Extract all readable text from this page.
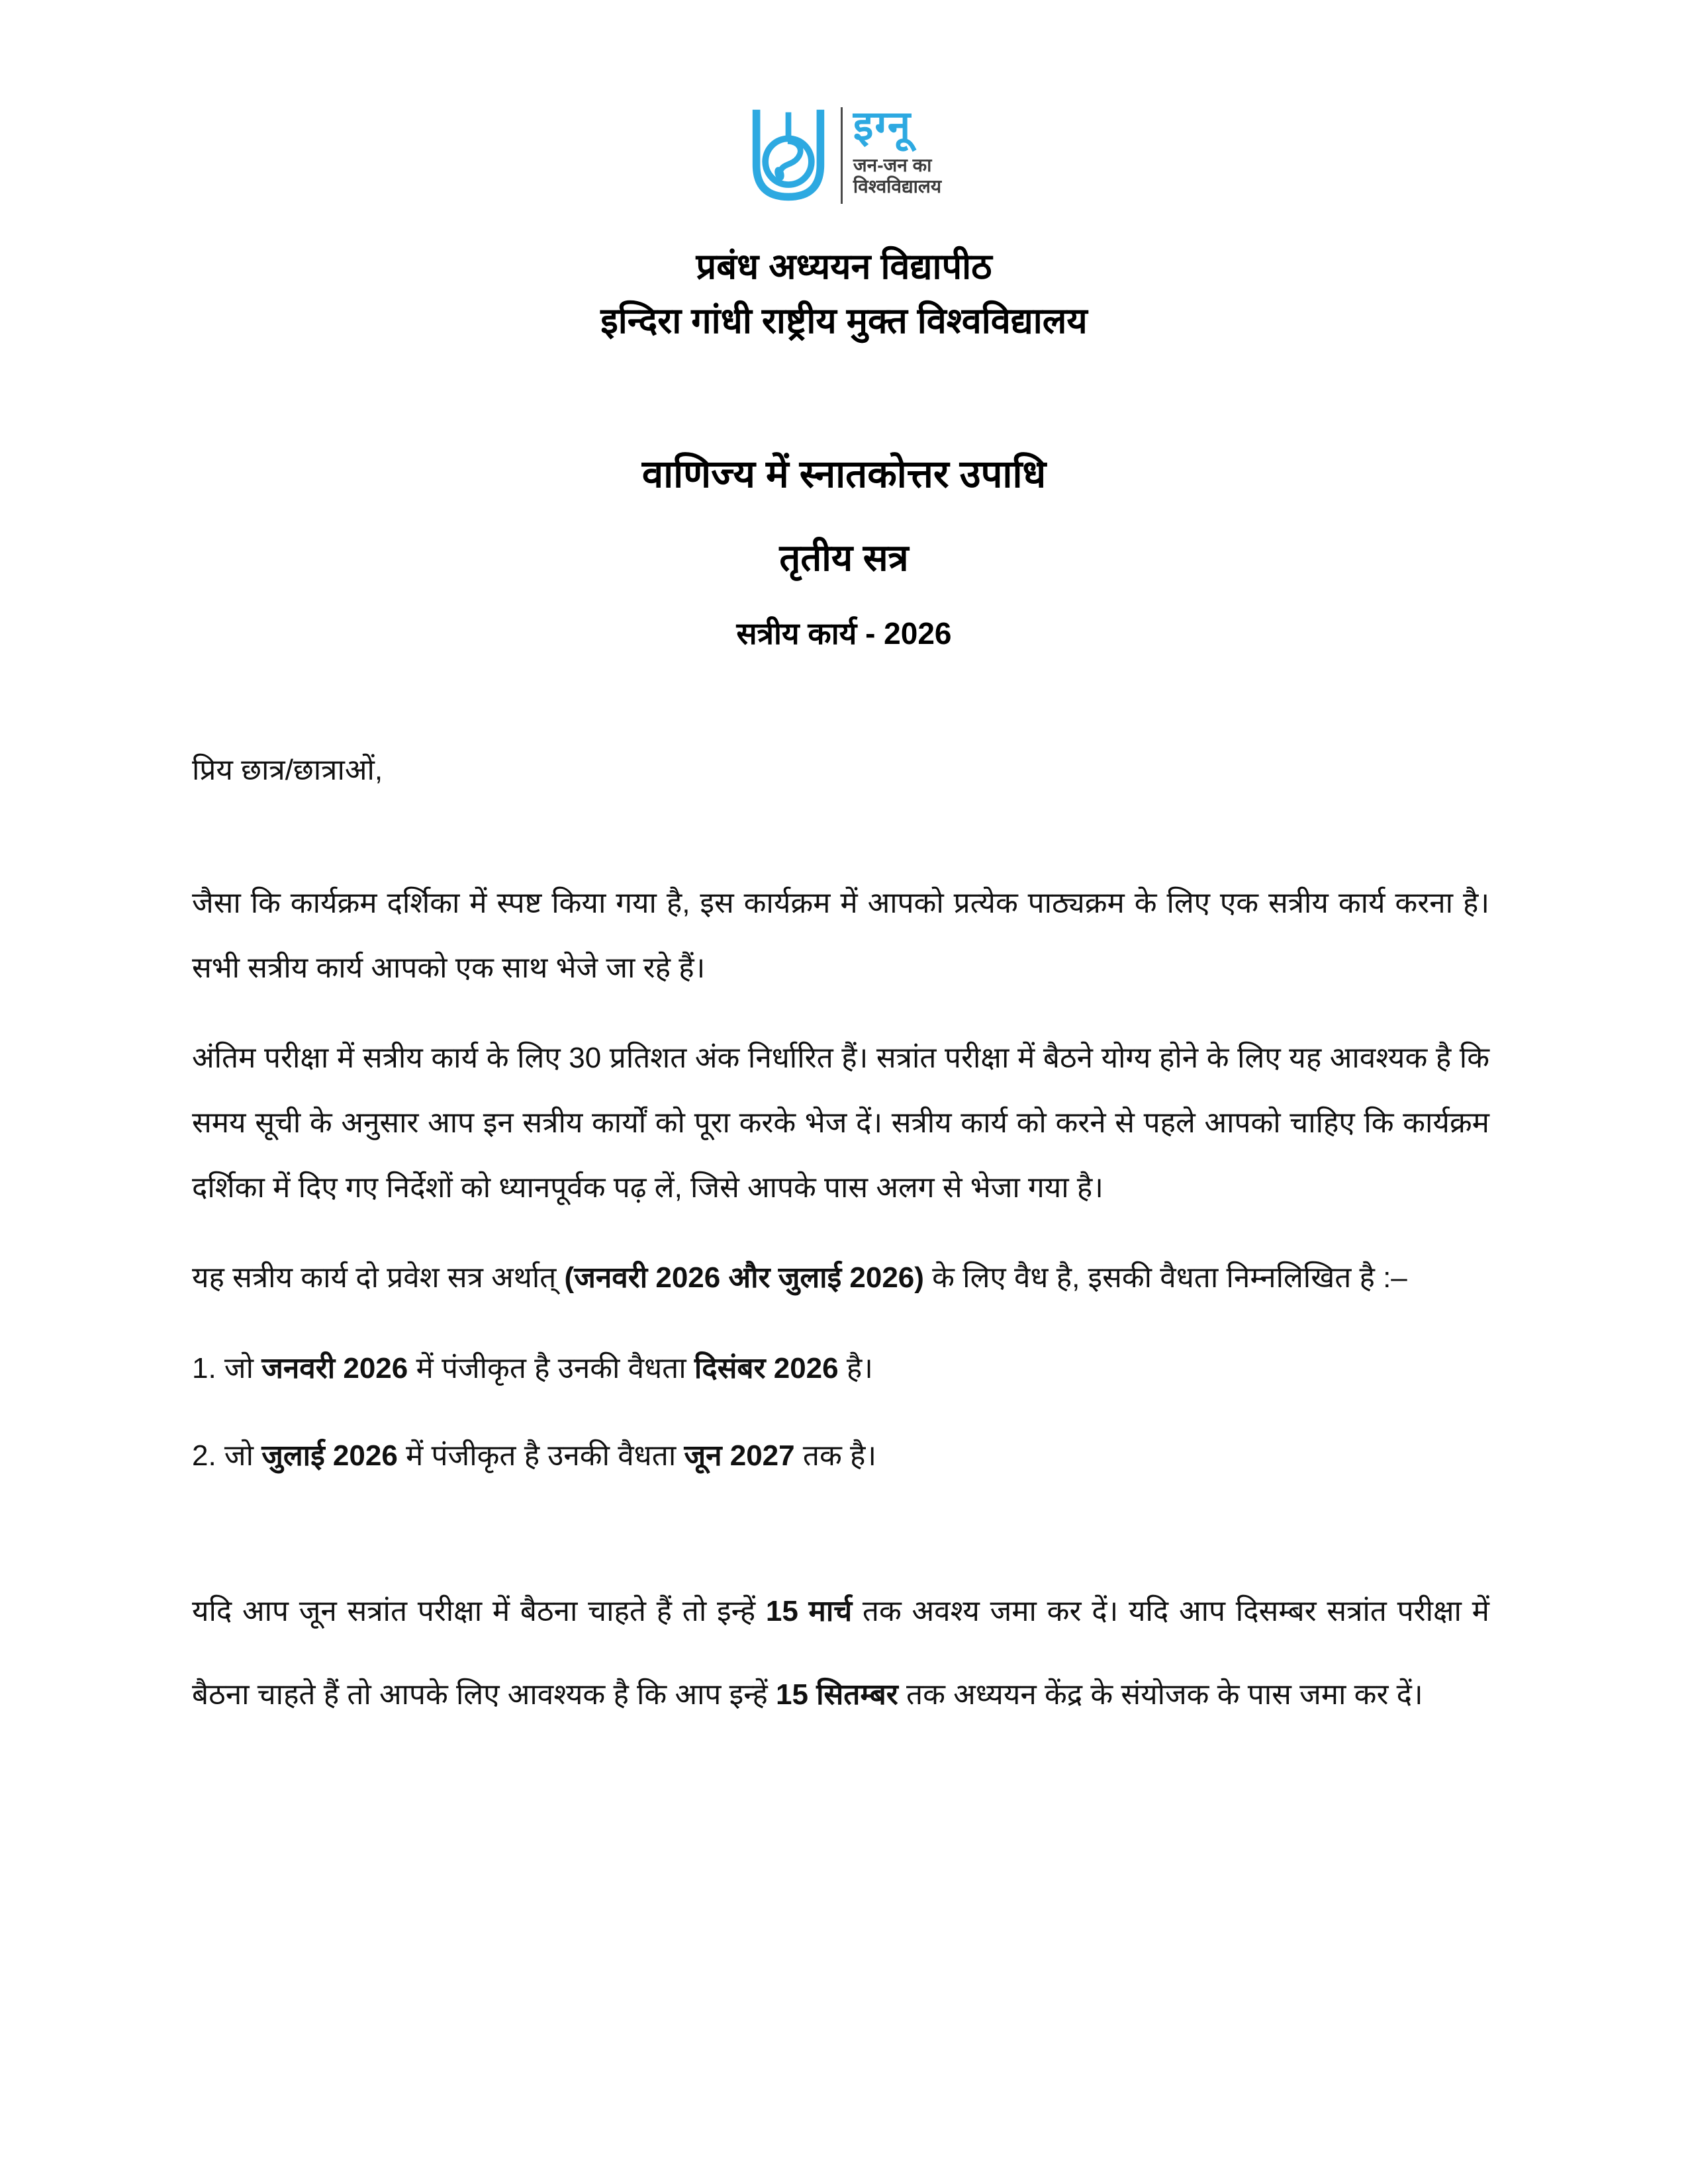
इग्नू
जन-जन का
विश्वविद्यालय
प्रबंध अध्ययन विद्यापीठ
इन्दिरा गांधी राष्ट्रीय मुक्त विश्वविद्यालय
वाणिज्य में स्नातकोत्तर उपाधि
तृतीय सत्र
सत्रीय कार्य - 2026

प्रिय छात्र/छात्राओं,

जैसा कि कार्यक्रम दर्शिका में स्पष्ट किया गया है, इस कार्यक्रम में आपको प्रत्येक पाठ्यक्रम के लिए एक सत्रीय कार्य करना है। सभी सत्रीय कार्य आपको एक साथ भेजे जा रहे हैं।

अंतिम परीक्षा में सत्रीय कार्य के लिए 30 प्रतिशत अंक निर्धारित हैं। सत्रांत परीक्षा में बैठने योग्य होने के लिए यह आवश्यक है कि समय सूची के अनुसार आप इन सत्रीय कार्यों को पूरा करके भेज दें। सत्रीय कार्य को करने से पहले आपको चाहिए कि कार्यक्रम दर्शिका में दिए गए निर्देशों को ध्यानपूर्वक पढ़ लें, जिसे आपके पास अलग से भेजा गया है।

यह सत्रीय कार्य दो प्रवेश सत्र अर्थात् (जनवरी 2026 और जुलाई 2026) के लिए वैध है, इसकी वैधता निम्नलिखित है :–

1. जो जनवरी 2026 में पंजीकृत है उनकी वैधता दिसंबर 2026 है।

2. जो जुलाई 2026 में पंजीकृत है उनकी वैधता जून 2027 तक है।

यदि आप जून सत्रांत परीक्षा में बैठना चाहते हैं तो इन्हें 15 मार्च तक अवश्य जमा कर दें। यदि आप दिसम्बर सत्रांत परीक्षा में बैठना चाहते हैं तो आपके लिए आवश्यक है कि आप इन्हें 15 सितम्बर तक अध्ययन केंद्र के संयोजक के पास जमा कर दें।
